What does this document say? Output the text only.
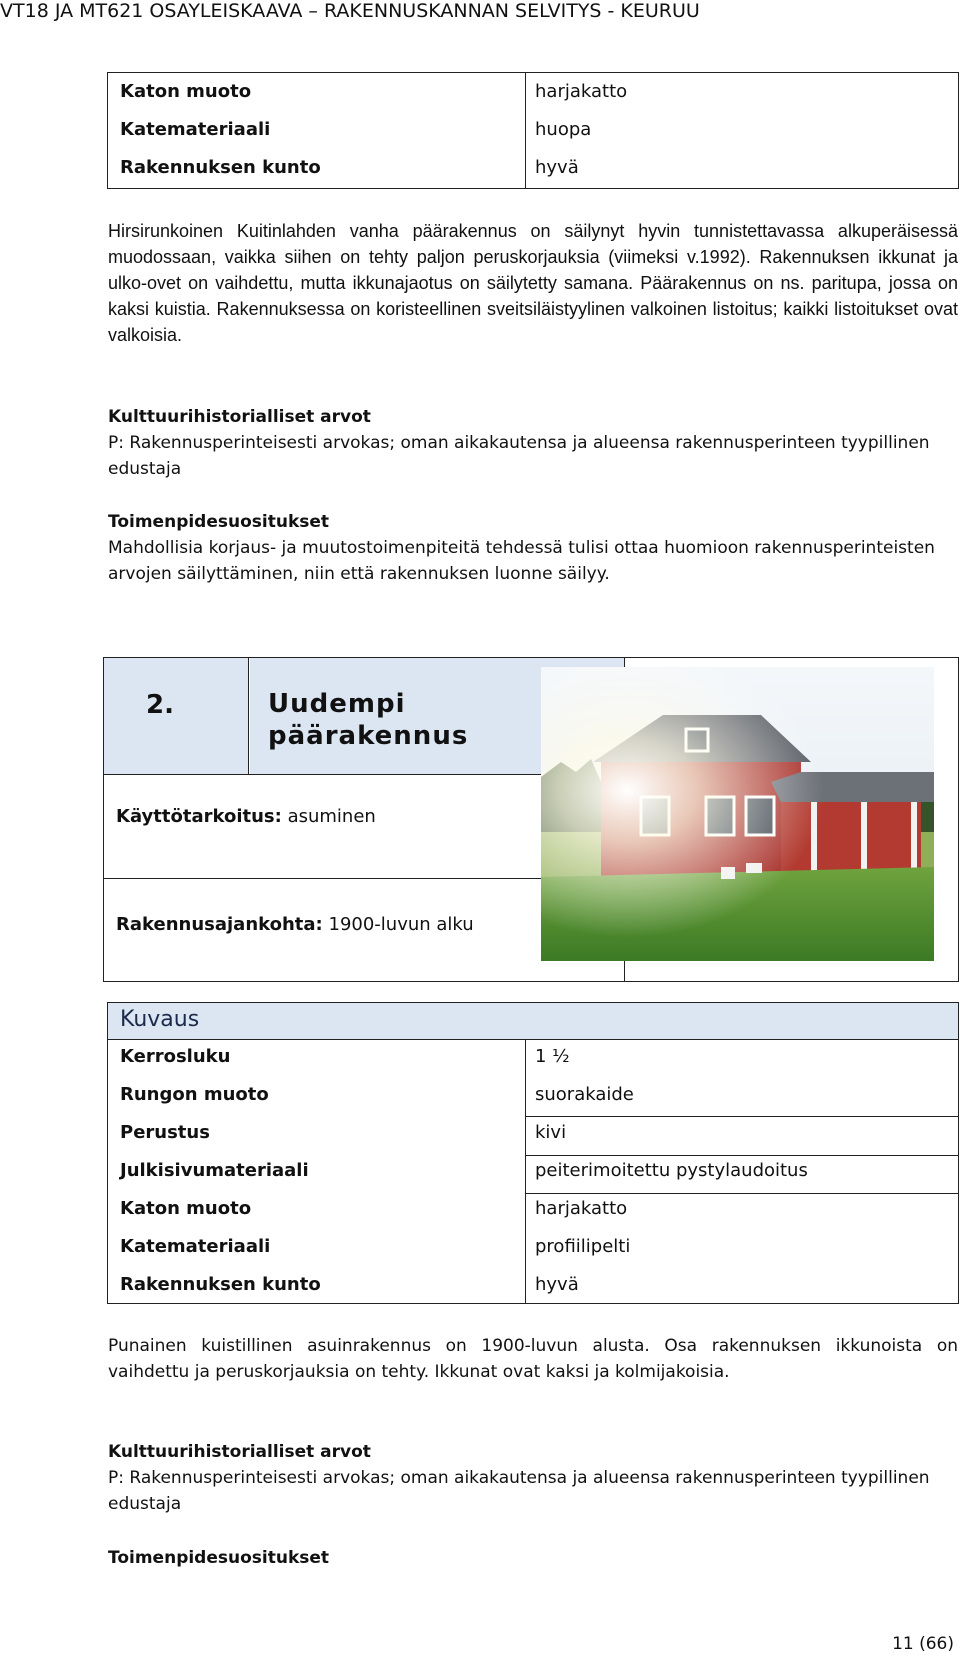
VT18 JA MT621 OSAYLEISKAAVA – RAKENNUSKANNAN SELVITYS - KEURUU
Katon muoto	harjakatto
Katemateriaali	huopa
Rakennuksen kunto	hyvä
Hirsirunkoinen Kuitinlahden vanha päärakennus on säilynyt hyvin tunnistettavassa alkuperäisessä muodossaan, vaikka siihen on tehty paljon peruskorjauksia (viimeksi v.1992). Rakennuksen ikkunat ja ulko-ovet on vaihdettu, mutta ikkunajaotus on säilytetty samana. Päärakennus on ns. paritupa, jossa on kaksi kuistia. Rakennuksessa on koristeellinen sveitsiläistyylinen valkoinen listoitus; kaikki listoitukset ovat valkoisia.
Kulttuurihistorialliset arvot
P: Rakennusperinteisesti arvokas; oman aikakautensa ja alueensa rakennusperinteen tyypillinen edustaja
Toimenpidesuositukset
Mahdollisia korjaus- ja muutostoimenpiteitä tehdessä tulisi ottaa huomioon rakennusperinteisten arvojen säilyttäminen, niin että rakennuksen luonne säilyy.
2.	Uudempi päärakennus
Käyttötarkoitus: asuminen
Rakennusajankohta: 1900-luvun alku
Kuvaus
Kerrosluku	1 ½
Rungon muoto	suorakaide
Perustus	kivi
Julkisivumateriaali	peiterimoitettu pystylaudoitus
Katon muoto	harjakatto
Katemateriaali	profiilipelti
Rakennuksen kunto	hyvä
Punainen kuistillinen asuinrakennus on 1900-luvun alusta. Osa rakennuksen ikkunoista on vaihdettu ja peruskorjauksia on tehty. Ikkunat ovat kaksi ja kolmijakoisia.
Kulttuurihistorialliset arvot
P: Rakennusperinteisesti arvokas; oman aikakautensa ja alueensa rakennusperinteen tyypillinen edustaja
Toimenpidesuositukset
11 (66)
